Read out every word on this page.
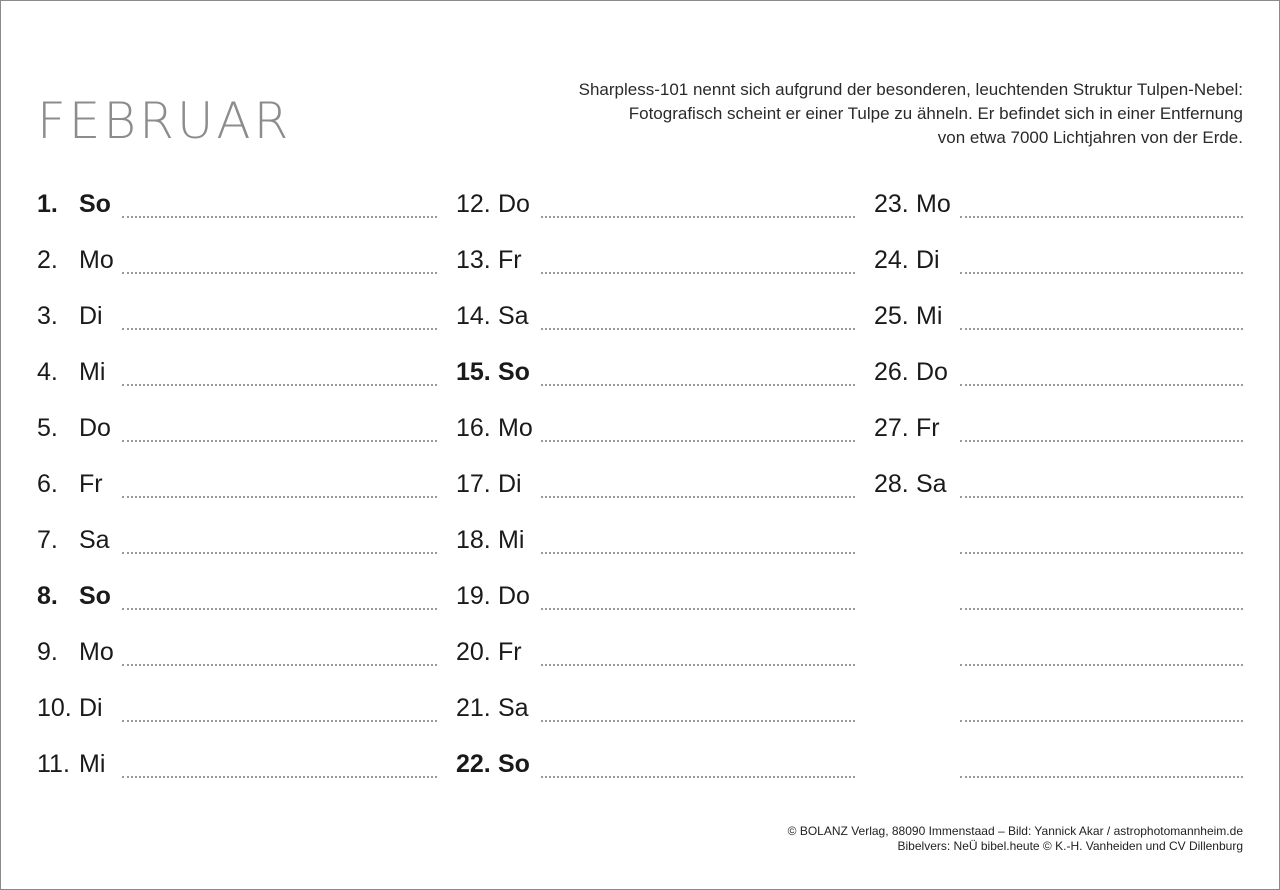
FEBRUAR
Sharpless-101 nennt sich aufgrund der besonderen, leuchtenden Struktur Tulpen-Nebel:
Fotografisch scheint er einer Tulpe zu ähneln. Er befindet sich in einer Entfernung
von etwa 7000 Lichtjahren von der Erde.
1. So
2. Mo
3. Di
4. Mi
5. Do
6. Fr
7. Sa
8. So
9. Mo
10. Di
11. Mi
12. Do
13. Fr
14. Sa
15. So
16. Mo
17. Di
18. Mi
19. Do
20. Fr
21. Sa
22. So
23. Mo
24. Di
25. Mi
26. Do
27. Fr
28. Sa
© BOLANZ Verlag, 88090 Immenstaad – Bild: Yannick Akar / astrophotomannheim.de
Bibelvers: NeÜ bibel.heute © K.-H. Vanheiden und CV Dillenburg
